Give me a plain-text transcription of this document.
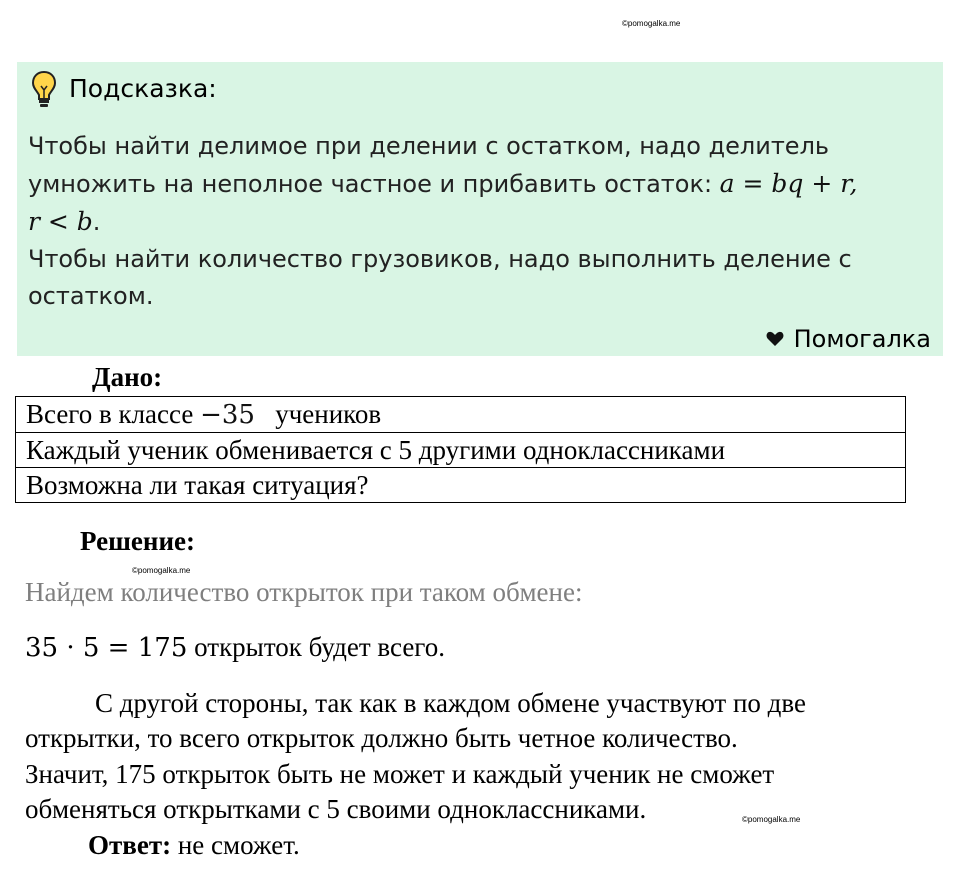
©pomogalka.me
Подсказка:
Чтобы найти делимое при делении с остатком, надо делитель
умножить на неполное частное и прибавить остаток: a = bq + r,
r < b.
Чтобы найти количество грузовиков, надо выполнить деление с
остатком.
Помогалка
Дано:
Всего в классе −35 учеников
Каждый ученик обменивается с 5 другими одноклассниками
Возможна ли такая ситуация?
Решение:
©pomogalka.me
Найдем количество открыток при таком обмене:
35 · 5 = 175 открыток будет всего.
С другой стороны, так как в каждом обмене участвуют по две
открытки, то всего открыток должно быть четное количество.
Значит, 175 открыток быть не может и каждый ученик не сможет
обменяться открытками с 5 своими одноклассниками.	©pomogalka.me
Ответ: не сможет.
